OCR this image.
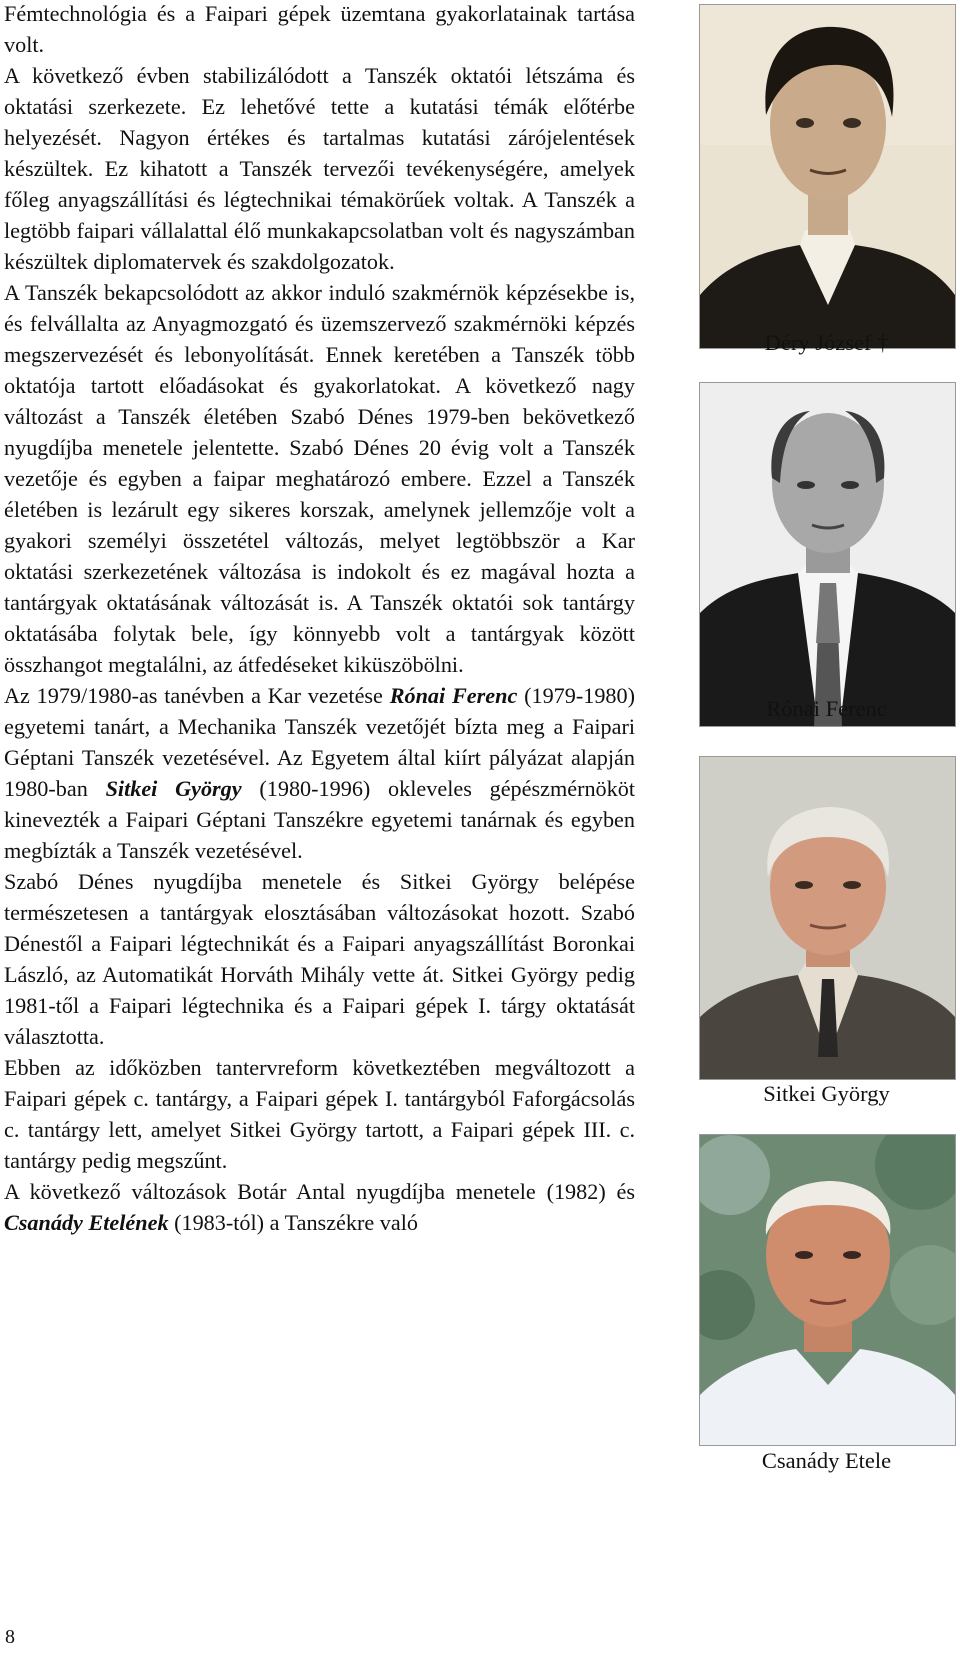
Fémtechnológia és a Faipari gépek üzemtana gyakorlatainak tartása volt.

A következő évben stabilizálódott a Tanszék oktatói létszáma és oktatási szerkezete. Ez lehetővé tette a kutatási témák előtérbe helyezését. Nagyon értékes és tartalmas kutatási zárójelentések készültek. Ez kihatott a Tanszék tervezői tevékenységére, amelyek főleg anyagszállítási és légtechnikai témakörűek voltak. A Tanszék a legtöbb faipari vállalattal élő munkakapcsolatban volt és nagyszámban készültek diplomatervek és szakdolgozatok.

A Tanszék bekapcsolódott az akkor induló szakmérnök képzésekbe is, és felvállalta az Anyagmozgató és üzemszervező szakmérnöki képzés megszervezését és lebonyolítását. Ennek keretében a Tanszék több oktatója tartott előadásokat és gyakorlatokat. A következő nagy változást a Tanszék életében Szabó Dénes 1979-ben bekövetkező nyugdíjba menetele jelentette. Szabó Dénes 20 évig volt a Tanszék vezetője és egyben a faipar meghatározó embere. Ezzel a Tanszék életében is lezárult egy sikeres korszak, amelynek jellemzője volt a gyakori személyi összetétel változás, melyet legtöbbször a Kar oktatási szerkezetének változása is indokolt és ez magával hozta a tantárgyak oktatásának változását is. A Tanszék oktatói sok tantárgy oktatásába folytak bele, így könnyebb volt a tantárgyak között összhangot megtalálni, az átfedéseket kiküszöbölni.

Az 1979/1980-as tanévben a Kar vezetése Rónai Ferenc (1979-1980) egyetemi tanárt, a Mechanika Tanszék vezetőjét bízta meg a Faipari Géptani Tanszék vezetésével. Az Egyetem által kiírt pályázat alapján 1980-ban Sitkei György (1980-1996) okleveles gépészmérnököt kinevezték a Faipari Géptani Tanszékre egyetemi tanárnak és egyben megbízták a Tanszék vezetésével.

Szabó Dénes nyugdíjba menetele és Sitkei György belépése természetesen a tantárgyak elosztásában változásokat hozott. Szabó Dénestől a Faipari légtechnikát és a Faipari anyagszállítást Boronkai László, az Automatikát Horváth Mihály vette át. Sitkei György pedig 1981-től a Faipari légtechnika és a Faipari gépek I. tárgy oktatását választotta.

Ebben az időközben tantervreform következtében megváltozott a Faipari gépek c. tantárgy, a Faipari gépek I. tantárgyból Faforgácsolás c. tantárgy lett, amelyet Sitkei György tartott, a Faipari gépek III. c. tantárgy pedig megszűnt.

A következő változások Botár Antal nyugdíjba menetele (1982) és Csanády Etelének (1983-tól) a Tanszékre való

Déry József †
Rónai Ferenc
Sitkei György
Csanády Etele
8
